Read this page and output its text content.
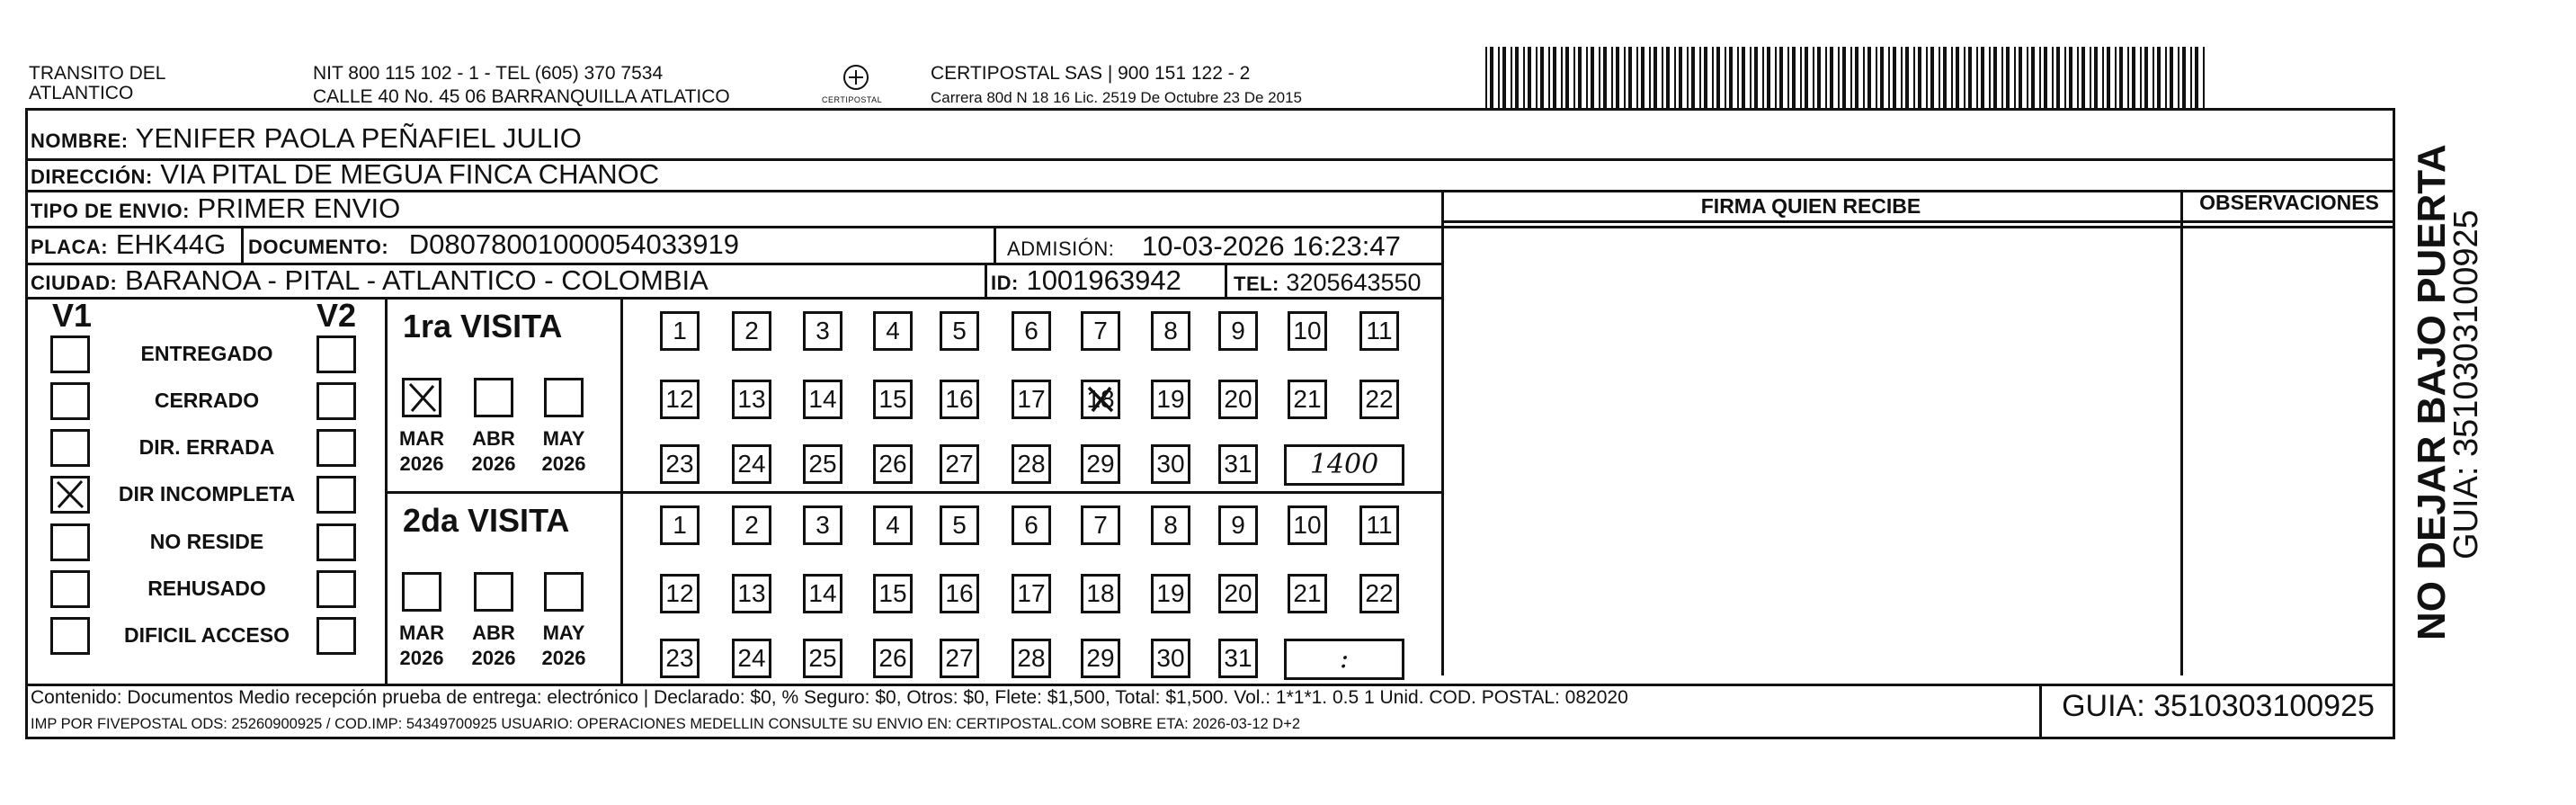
TRANSITO DEL
ATLANTICO
NIT 800 115 102 - 1 - TEL (605) 370 7534
CALLE 40 No. 45 06 BARRANQUILLA ATLATICO	CERTIPOSTAL
CERTIPOSTAL SAS | 900 151 122 - 2
Carrera 80d N 18 16 Lic. 2519 De Octubre 23 De 2015
NOMBRE: YENIFER PAOLA PEÑAFIEL JULIO
DIRECCIÓN: VIA PITAL DE MEGUA FINCA CHANOC
TIPO DE ENVIO: PRIMER ENVIO
PLACA: EHK44G DOCUMENTO: D08078001000054033919	ADMISIÓN: 10-03-2026 16:23:47
CIUDAD: BARANOA - PITAL - ATLANTICO - COLOMBIA	ID: 1001963942	TEL: 3205643550
FIRMA QUIEN RECIBE	OBSERVACIONES
V1	V2
ENTREGADO
CERRADO
DIR. ERRADA
DIR INCOMPLETA
NO RESIDE
REHUSADO
DIFICIL ACCESO
1ra VISITA
MAR
2026
ABR
2026
MAY
2026
1	2	3	4	5	6	7	8	9	10 11
12 13 14 15 16 17 18 19 20 21 22
23 24 25 26 27 28 29 30 31	1400
2da VISITA
MAR
2026
ABR
2026
MAY
2026
1	2	3	4	5	6	7	8	9	10 11
12 13 14 15 16 17 18 19 20 21 22
23 24 25 26 27 28 29 30 31	:
Contenido: Documentos Medio recepción prueba de entrega: electrónico | Declarado: $0, % Seguro: $0, Otros: $0, Flete: $1,500, Total: $1,500. Vol.: 1*1*1. 0.5 1 Unid. COD. POSTAL: 082020
IMP POR FIVEPOSTAL ODS: 25260900925 / COD.IMP: 54349700925 USUARIO: OPERACIONES MEDELLIN CONSULTE SU ENVIO EN: CERTIPOSTAL.COM SOBRE ETA: 2026-03-12 D+2
GUIA: 3510303100925
NO DEJAR BAJO PUERTA
GUIA: 3510303100925
